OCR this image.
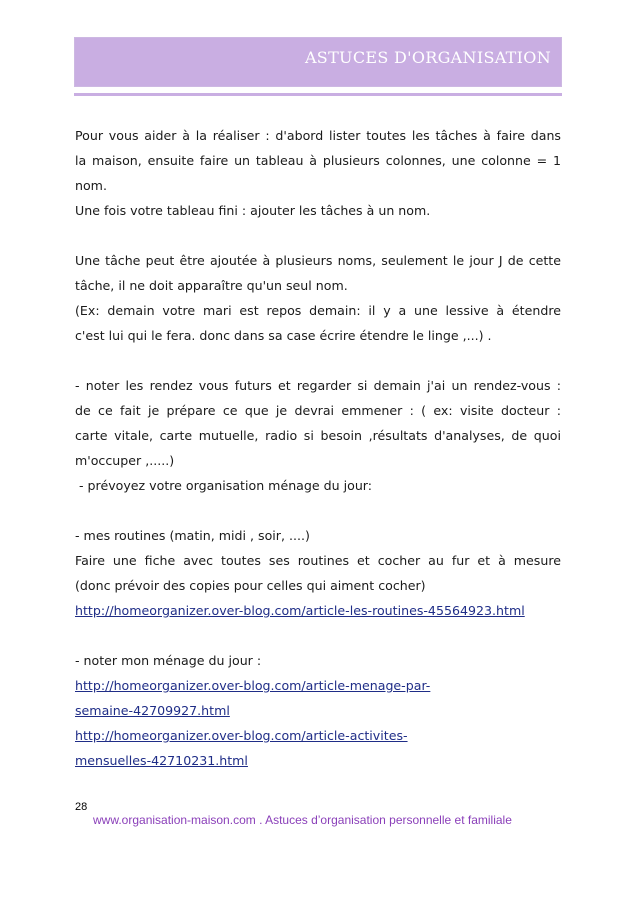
ASTUCES D'ORGANISATION
Pour vous aider à la réaliser : d'abord lister toutes les tâches à faire dans
la maison, ensuite faire un tableau à plusieurs colonnes, une colonne = 1
nom.
Une fois votre tableau fini : ajouter les tâches à un nom.
Une tâche peut être ajoutée à plusieurs noms, seulement le jour J de cette
tâche, il ne doit apparaître qu'un seul nom.
(Ex: demain votre mari est repos demain: il y a une lessive à étendre
c'est lui qui le fera. donc dans sa case écrire étendre le linge ,...) .
- noter les rendez vous futurs et regarder si demain j'ai un rendez-vous :
de ce fait je prépare ce que je devrai emmener : ( ex: visite docteur :
carte vitale, carte mutuelle, radio si besoin ,résultats d'analyses, de quoi
m'occuper ,.....)
- prévoyez votre organisation ménage du jour:
- mes routines (matin, midi , soir, ....)
Faire une fiche avec toutes ses routines et cocher au fur et à mesure
(donc prévoir des copies pour celles qui aiment cocher)
http://homeorganizer.over-blog.com/article-les-routines-45564923.html
- noter mon ménage du jour :
http://homeorganizer.over-blog.com/article-menage-par-
semaine-42709927.html
http://homeorganizer.over-blog.com/article-activites-
mensuelles-42710231.html
28
www.organisation-maison.com . Astuces d’organisation personnelle et familiale
